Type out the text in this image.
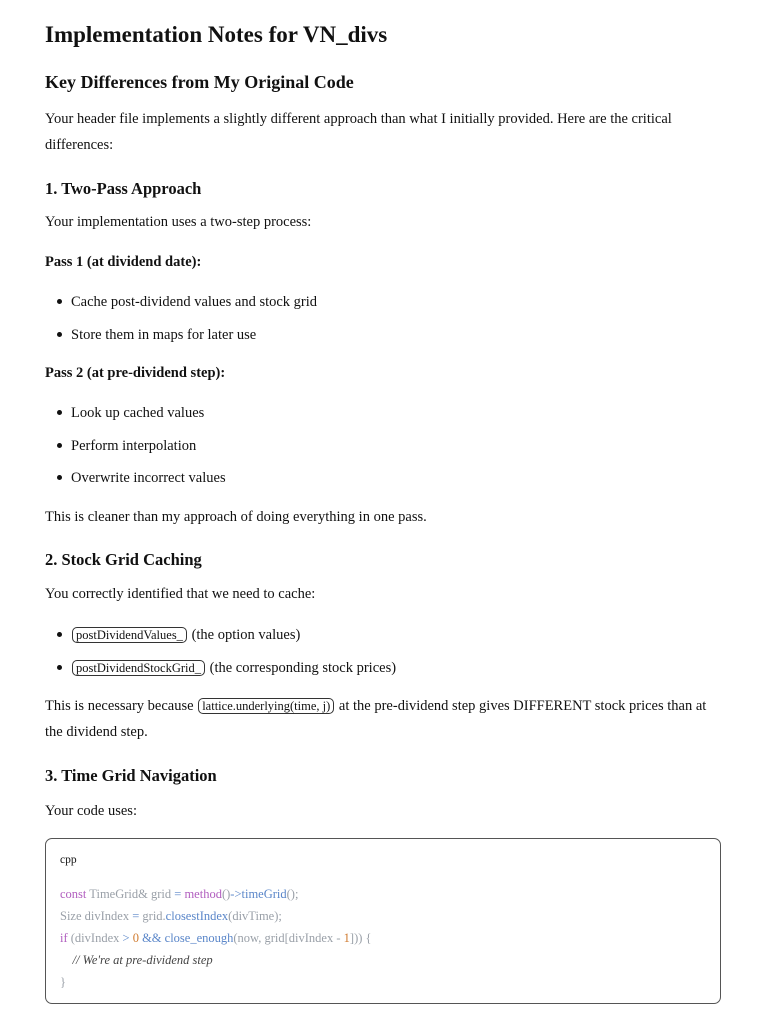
Implementation Notes for VN_divs
Key Differences from My Original Code

Your header file implements a slightly different approach than what I initially provided. Here are the critical differences:

1. Two-Pass Approach

Your implementation uses a two-step process:

Pass 1 (at dividend date):

Cache post-dividend values and stock grid
Store them in maps for later use

Pass 2 (at pre-dividend step):

Look up cached values
Perform interpolation
Overwrite incorrect values

This is cleaner than my approach of doing everything in one pass.

2. Stock Grid Caching

You correctly identified that we need to cache:

postDividendValues_ (the option values)
postDividendStockGrid_ (the corresponding stock prices)

This is necessary because lattice.underlying(time, j) at the pre-dividend step gives DIFFERENT stock prices than at the dividend step.

3. Time Grid Navigation

Your code uses:

cpp
const TimeGrid& grid = method()->timeGrid();
Size divIndex = grid.closestIndex(divTime);
if (divIndex > 0 && close_enough(now, grid[divIndex - 1])) {
// We're at pre-dividend step
}
